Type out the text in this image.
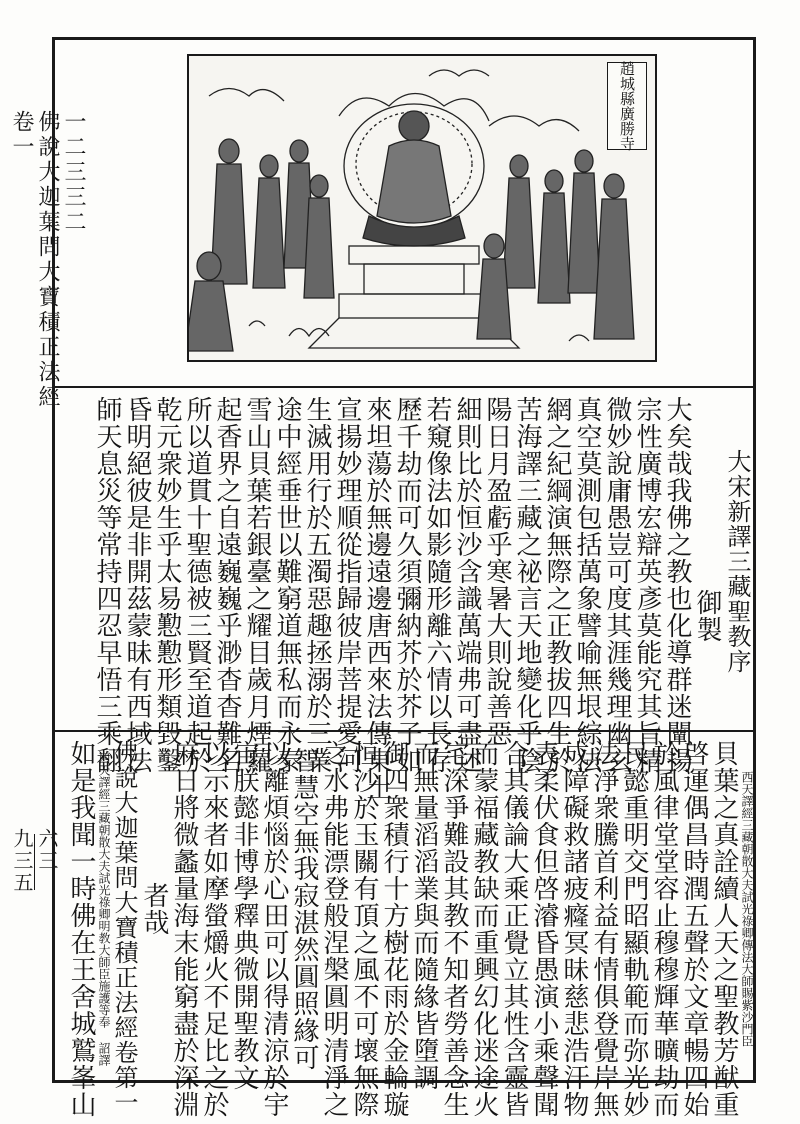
一二三三二
佛說大迦葉問大寶積正法經
卷一
六三
九三五
趙城縣廣勝寺
大宋新譯三藏聖教序
御製
大矣哉我佛之教也化導群迷闡揚
宗性廣博宏辯英彥莫能究其旨精
微妙說庸愚豈可度其涯幾理幽玄
真空莫測包括萬象譬喻無垠綜法
網之紀綱演無際之正教拔四生於
苦海譯三藏之祕言天地變化乎陰
陽日月盈虧乎寒暑大則說善惡
細則比於恒沙含識萬端弗可盡述
若窺像法如影隨形離六情以長存
歷千劫而可久須彌納芥於芥子如
來坦蕩於無邊遠邊唐西來法傳東土
宣揚妙理順從指歸彼岸菩提愛河
生滅用行於五濁惡趣拯溺於三業
途中經垂世以難窮道無私而永泰
雪山貝葉若銀臺之耀目歲月煙蘿
起香界之自遠巍巍乎渺杳杳難名
所以道貫十聖德被三賢至道起於
乾元衆妙生乎太易懃懃形類毀鑿
昏明絕彼是非開茲蒙昧有西域法
師天息災等常持四忍早悟三乘翻
西天譯經三藏朝散大夫試光祿卿傳法大師賜紫沙門臣
貝葉之真詮續人天之聖教芳猷重
啓運偶昌時潤五聲於文章暢四始
於風律堂堂容止穆穆輝華曠劫而
民懿重明交門昭顯軌範而弥光妙
法淨衆騰首利益有情俱登覺岸無
成障礙救諸疲癃冥昧慈悲浩汗物
表柔伏食但啓濬昏愚演小乘聲聞
合其儀論大乘正覺立其性含靈皆
而蒙福藏教缺而重興幻化迷途火
宅深爭難設其教不知者勞善念生
而無量滔滔業與而隨緣皆墮調
御四衆積行十方樹花雨於金輪璇
恒沙於玉關有頂之風不可壞無際
之水弗能漂登般涅槃圓明清淨之
智慧空無我寂湛然圓照緣可
以離煩惱於心田可以得清涼於宇
宙朕懿非博學釋典微開聖教文
以示來者如摩螢爝火不足比之於
麻日將微蠡量海末能窮盡於深淵
者哉
佛說大迦葉問大寶積正法經卷第一
西天譯經三藏朝散大夫試光祿卿明教大師臣施護等奉 詔譯
如是我聞一時佛在王舍城鷲峯山
